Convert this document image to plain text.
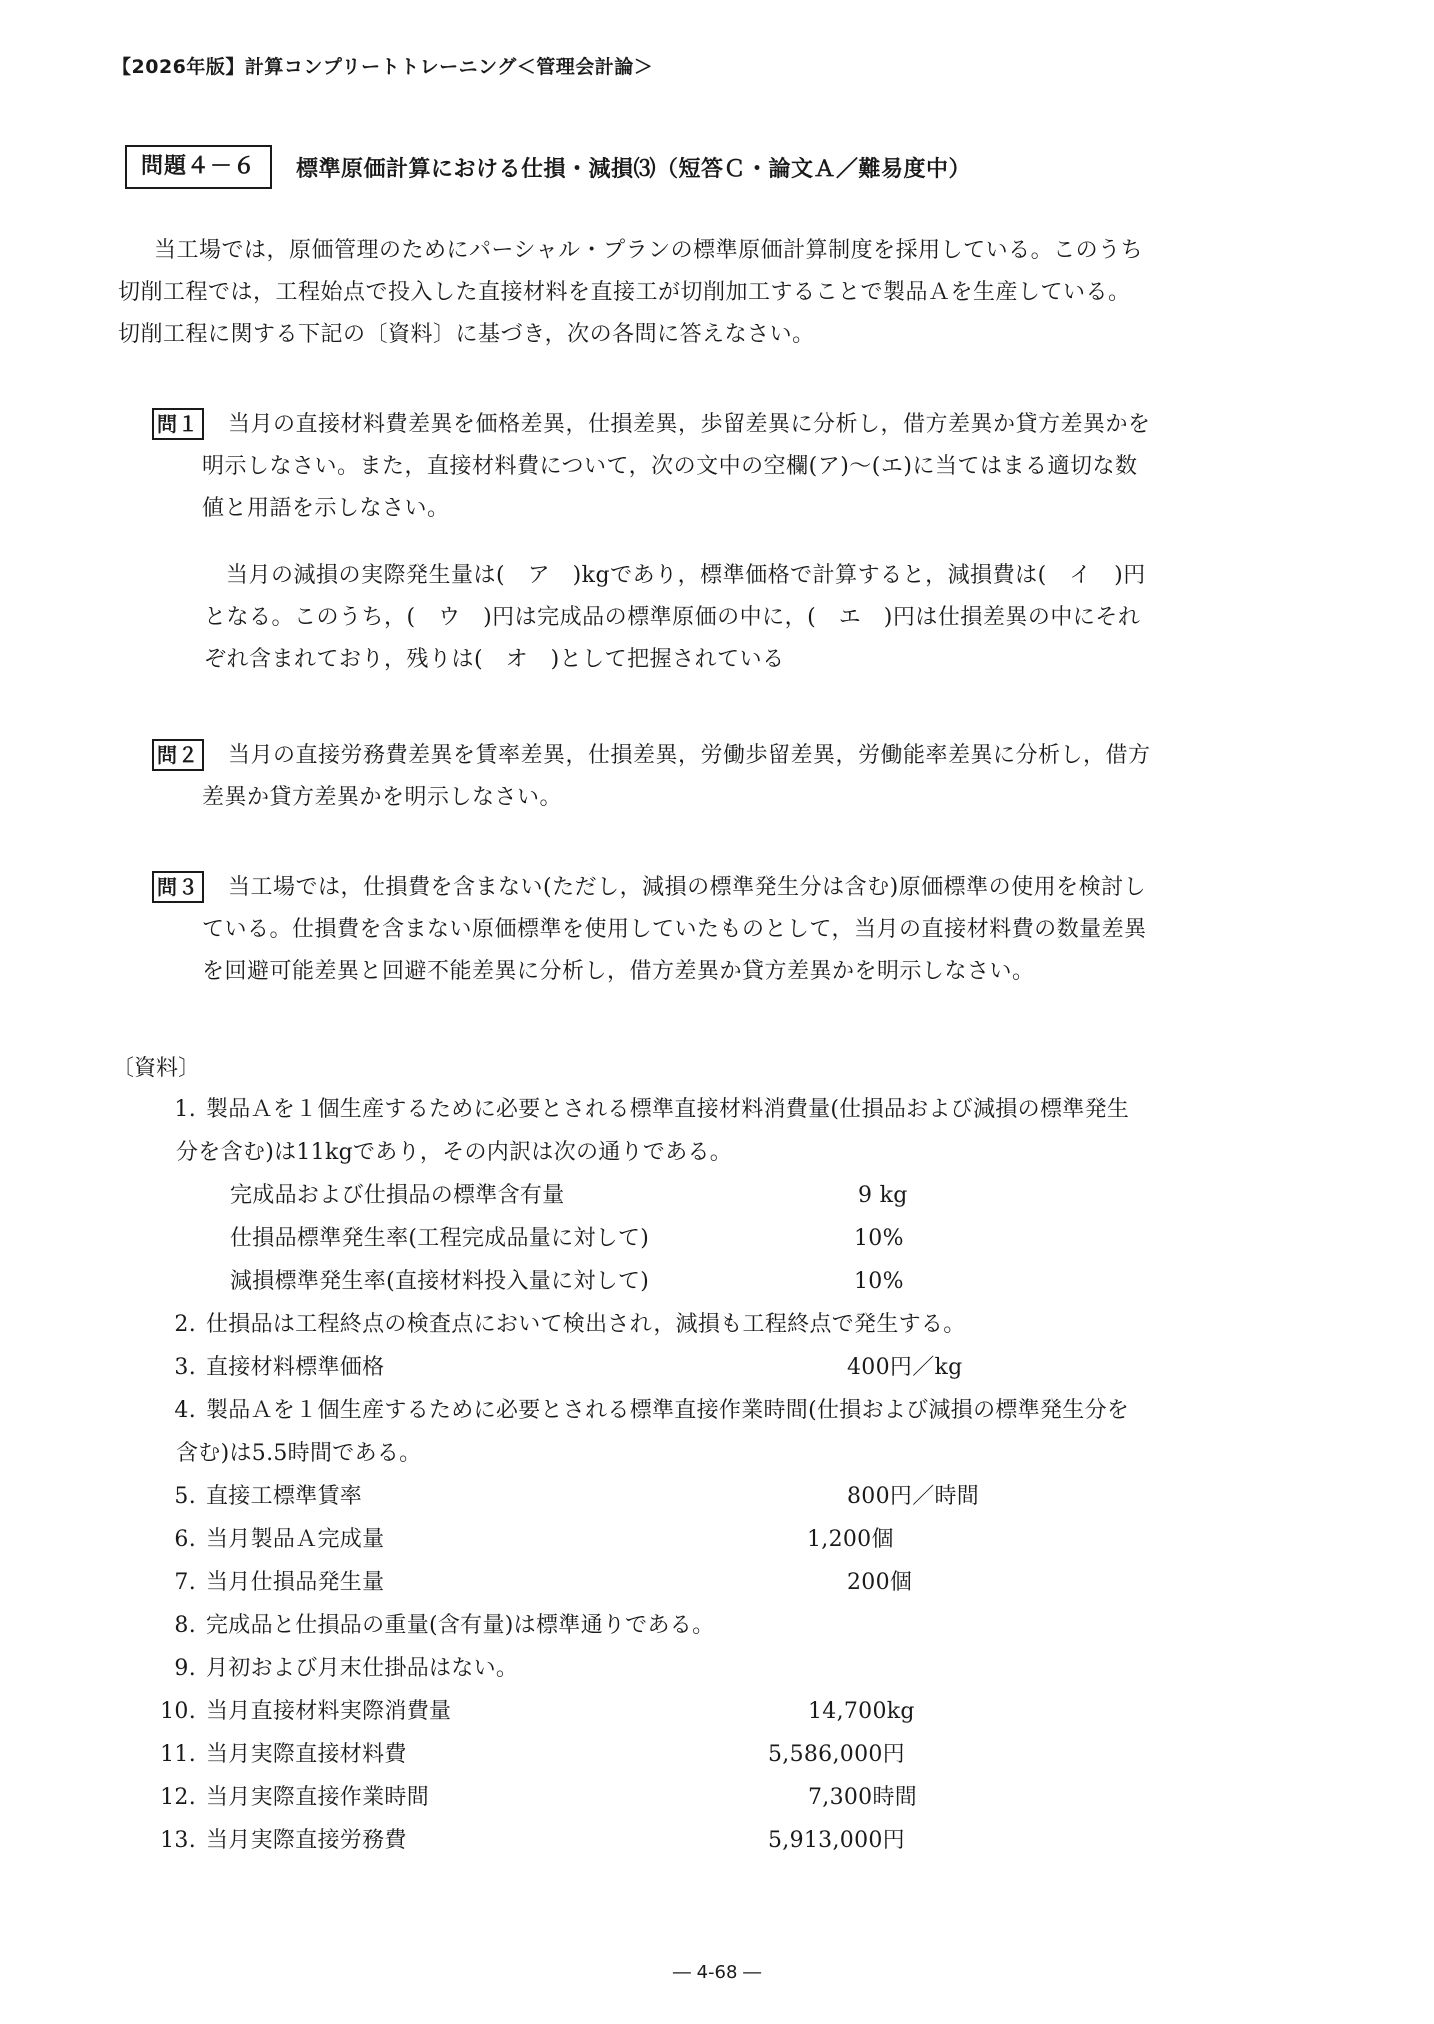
【2026年版】計算コンプリートトレーニング＜管理会計論＞
問題４－６	標準原価計算における仕損・減損⑶（短答Ｃ・論文Ａ／難易度中）

当工場では，原価管理のためにパーシャル・プランの標準原価計算制度を採用している。このうち

切削工程では，工程始点で投入した直接材料を直接工が切削加工することで製品Ａを生産している。

切削工程に関する下記の〔資料〕に基づき，次の各問に答えなさい。

問１	当月の直接材料費差異を価格差異，仕損差異，歩留差異に分析し，借方差異か貸方差異かを

明示しなさい。また，直接材料費について，次の文中の空欄(ア)～(エ)に当てはまる適切な数

値と用語を示しなさい。

当月の減損の実際発生量は(　ア　)kgであり，標準価格で計算すると，減損費は(　イ　)円

となる。このうち，(　ウ　)円は完成品の標準原価の中に，(　エ　)円は仕損差異の中にそれ

ぞれ含まれており，残りは(　オ　)として把握されている

問２	当月の直接労務費差異を賃率差異，仕損差異，労働歩留差異，労働能率差異に分析し，借方

差異か貸方差異かを明示しなさい。

問３	当工場では，仕損費を含まない(ただし，減損の標準発生分は含む)原価標準の使用を検討し

ている。仕損費を含まない原価標準を使用していたものとして，当月の直接材料費の数量差異

を回避可能差異と回避不能差異に分析し，借方差異か貸方差異かを明示しなさい。

〔資料〕
1. 製品Ａを１個生産するために必要とされる標準直接材料消費量(仕損品および減損の標準発生
分を含む)は11kgであり，その内訳は次の通りである。
完成品および仕損品の標準含有量	9 kg
仕損品標準発生率(工程完成品量に対して)	10%
減損標準発生率(直接材料投入量に対して)	10%
2. 仕損品は工程終点の検査点において検出され，減損も工程終点で発生する。
3. 直接材料標準価格	400円／kg
4. 製品Ａを１個生産するために必要とされる標準直接作業時間(仕損および減損の標準発生分を
含む)は5.5時間である。
5. 直接工標準賃率	800円／時間
6. 当月製品Ａ完成量	1,200個
7. 当月仕損品発生量	200個
8. 完成品と仕損品の重量(含有量)は標準通りである。
9. 月初および月末仕掛品はない。
10. 当月直接材料実際消費量	14,700kg
11. 当月実際直接材料費	5,586,000円
12. 当月実際直接作業時間	7,300時間
13. 当月実際直接労務費	5,913,000円
― 4-68 ―
